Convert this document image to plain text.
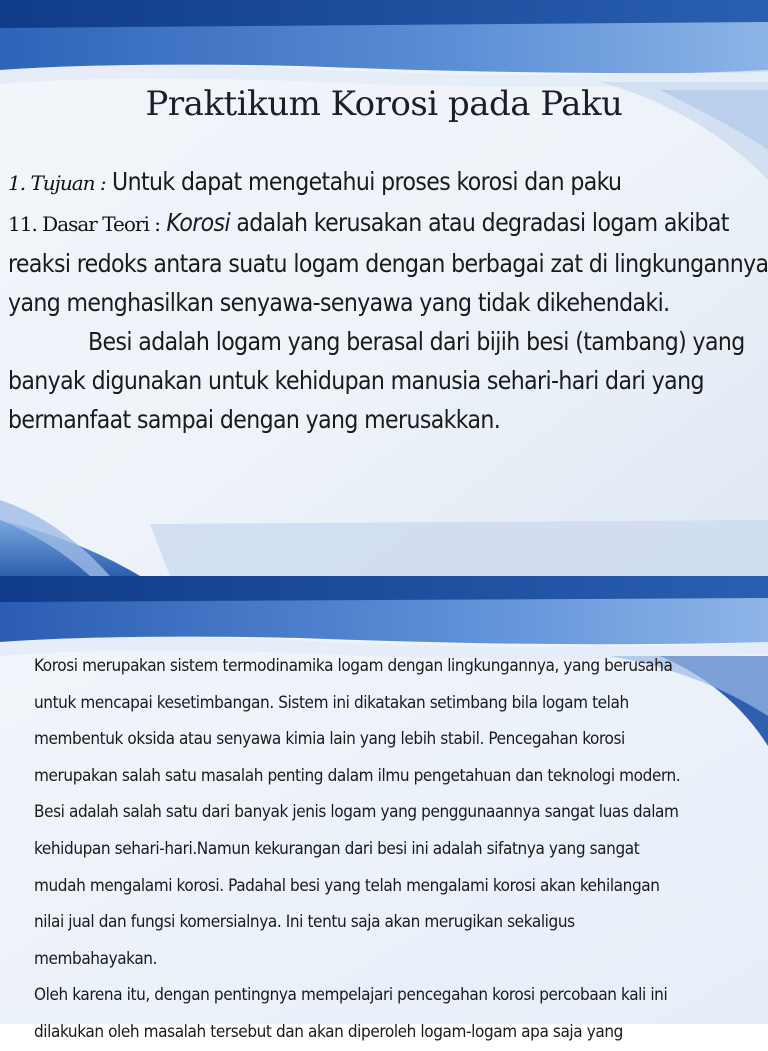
Praktikum Korosi pada Paku
1. Tujuan : Untuk dapat mengetahui proses korosi dan paku
11. Dasar Teori : Korosi adalah kerusakan atau degradasi logam akibat
reaksi redoks antara suatu logam dengan berbagai zat di lingkungannya
yang menghasilkan senyawa-senyawa yang tidak dikehendaki.
Besi adalah logam yang berasal dari bijih besi (tambang) yang
banyak digunakan untuk kehidupan manusia sehari-hari dari yang
bermanfaat sampai dengan yang merusakkan.
Korosi merupakan sistem termodinamika logam dengan lingkungannya, yang berusaha
untuk mencapai kesetimbangan. Sistem ini dikatakan setimbang bila logam telah
membentuk oksida atau senyawa kimia lain yang lebih stabil. Pencegahan korosi
merupakan salah satu masalah penting dalam ilmu pengetahuan dan teknologi modern.
Besi adalah salah satu dari banyak jenis logam yang penggunaannya sangat luas dalam
kehidupan sehari-hari.Namun kekurangan dari besi ini adalah sifatnya yang sangat
mudah mengalami korosi. Padahal besi yang telah mengalami korosi akan kehilangan
nilai jual dan fungsi komersialnya. Ini tentu saja akan merugikan sekaligus
membahayakan.
Oleh karena itu, dengan pentingnya mempelajari pencegahan korosi percobaan kali ini
dilakukan oleh masalah tersebut dan akan diperoleh logam-logam apa saja yang
